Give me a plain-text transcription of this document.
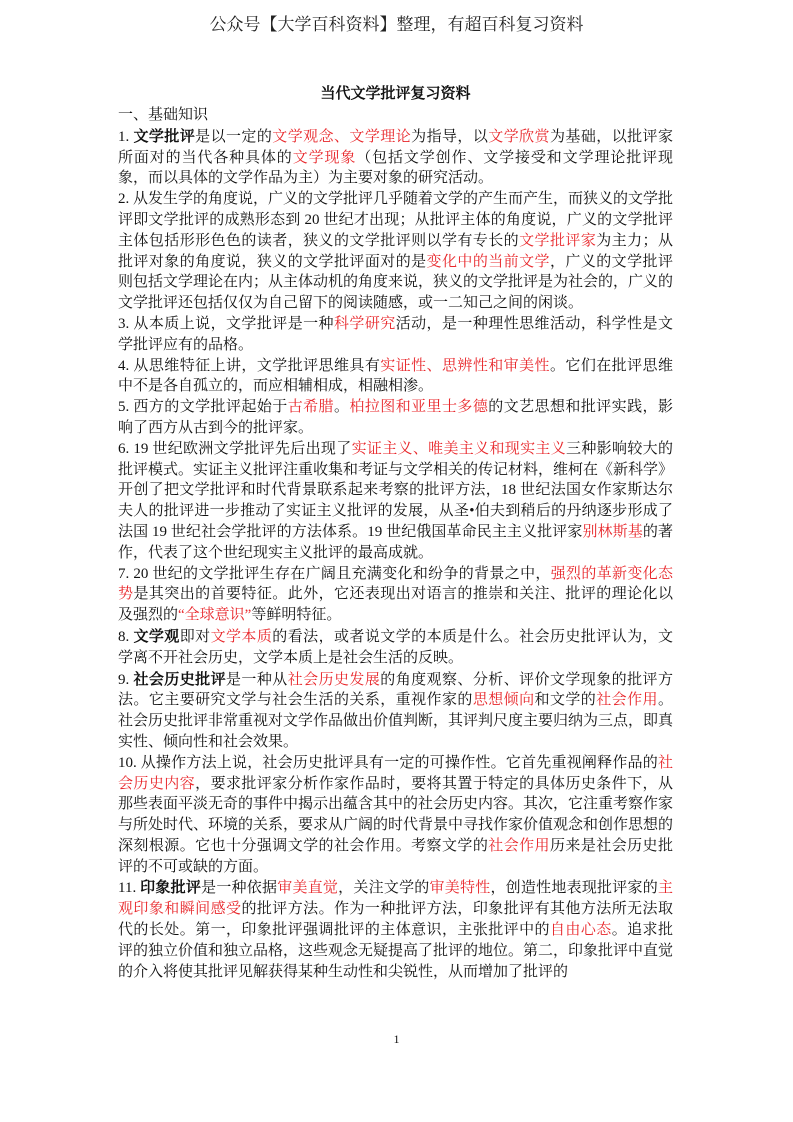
公众号【大学百科资料】整理，有超百科复习资料
当代文学批评复习资料
一、基础知识

1. 文学批评是以一定的文学观念、文学理论为指导，以文学欣赏为基础，以批评家所面对的当代各种具体的文学现象（包括文学创作、文学接受和文学理论批评现象，而以具体的文学作品为主）为主要对象的研究活动。

2. 从发生学的角度说，广义的文学批评几乎随着文学的产生而产生，而狭义的文学批评即文学批评的成熟形态到 20 世纪才出现；从批评主体的角度说，广义的文学批评主体包括形形色色的读者，狭义的文学批评则以学有专长的文学批评家为主力；从批评对象的角度说，狭义的文学批评面对的是变化中的当前文学，广义的文学批评则包括文学理论在内；从主体动机的角度来说，狭义的文学批评是为社会的，广义的文学批评还包括仅仅为自己留下的阅读随感，或一二知己之间的闲谈。

3. 从本质上说，文学批评是一种科学研究活动，是一种理性思维活动，科学性是文学批评应有的品格。

4. 从思维特征上讲，文学批评思维具有实证性、思辨性和审美性。它们在批评思维中不是各自孤立的，而应相辅相成，相融相渗。

5. 西方的文学批评起始于古希腊。柏拉图和亚里士多德的文艺思想和批评实践，影响了西方从古到今的批评家。

6. 19 世纪欧洲文学批评先后出现了实证主义、唯美主义和现实主义三种影响较大的批评模式。实证主义批评注重收集和考证与文学相关的传记材料，维柯在《新科学》开创了把文学批评和时代背景联系起来考察的批评方法，18 世纪法国女作家斯达尔夫人的批评进一步推动了实证主义批评的发展，从圣•伯夫到稍后的丹纳逐步形成了法国 19 世纪社会学批评的方法体系。19 世纪俄国革命民主主义批评家别林斯基的著作，代表了这个世纪现实主义批评的最高成就。

7. 20 世纪的文学批评生存在广阔且充满变化和纷争的背景之中，强烈的革新变化态势是其突出的首要特征。此外，它还表现出对语言的推崇和关注、批评的理论化以及强烈的“全球意识”等鲜明特征。

8. 文学观即对文学本质的看法，或者说文学的本质是什么。社会历史批评认为，文学离不开社会历史，文学本质上是社会生活的反映。

9. 社会历史批评是一种从社会历史发展的角度观察、分析、评价文学现象的批评方法。它主要研究文学与社会生活的关系，重视作家的思想倾向和文学的社会作用。社会历史批评非常重视对文学作品做出价值判断，其评判尺度主要归纳为三点，即真实性、倾向性和社会效果。

10. 从操作方法上说，社会历史批评具有一定的可操作性。它首先重视阐释作品的社会历史内容，要求批评家分析作家作品时，要将其置于特定的具体历史条件下，从那些表面平淡无奇的事件中揭示出蕴含其中的社会历史内容。其次，它注重考察作家与所处时代、环境的关系，要求从广阔的时代背景中寻找作家价值观念和创作思想的深刻根源。它也十分强调文学的社会作用。考察文学的社会作用历来是社会历史批评的不可或缺的方面。

11. 印象批评是一种依据审美直觉，关注文学的审美特性，创造性地表现批评家的主观印象和瞬间感受的批评方法。作为一种批评方法，印象批评有其他方法所无法取代的长处。第一，印象批评强调批评的主体意识，主张批评中的自由心态。追求批评的独立价值和独立品格，这些观念无疑提高了批评的地位。第二，印象批评中直觉的介入将使其批评见解获得某种生动性和尖锐性，从而增加了批评的

1
